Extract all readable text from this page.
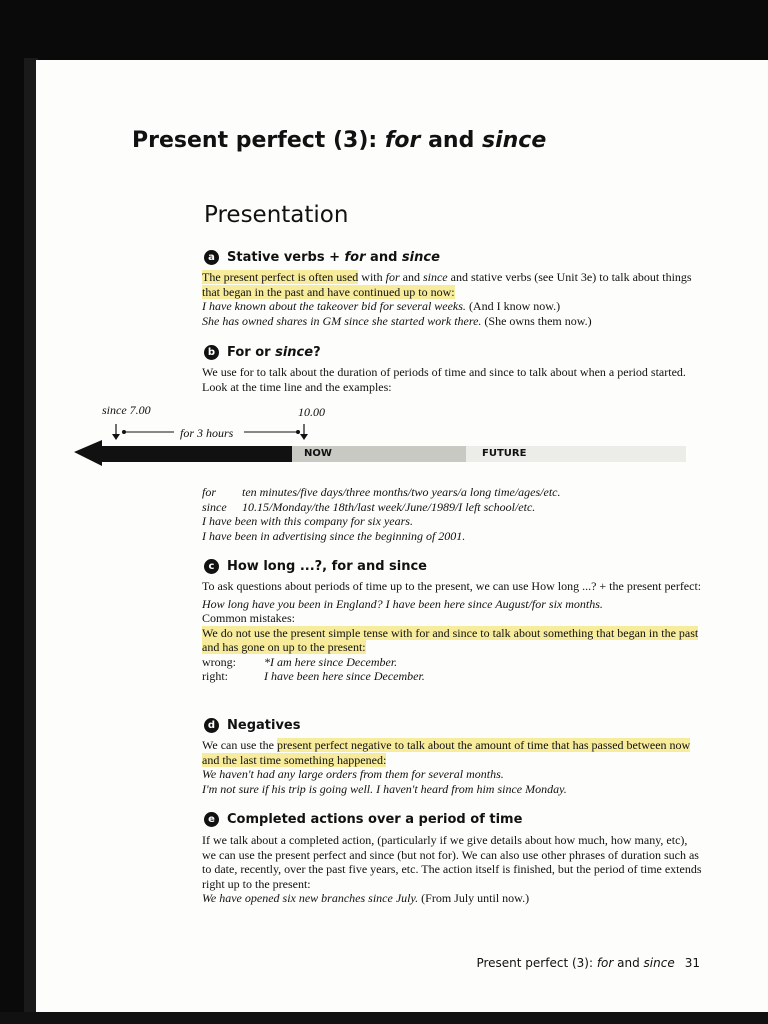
Present perfect (3): for and since
Presentation
a Stative verbs + for and since
The present perfect is often used with for and since and stative verbs (see Unit 3e) to talk about things that began in the past and have continued up to now:
I have known about the takeover bid for several weeks. (And I know now.)
She has owned shares in GM since she started work there. (She owns them now.)
b For or since?
We use for to talk about the duration of periods of time and since to talk about when a period started. Look at the time line and the examples:
since 7.00	10.00
for 3 hours
NOW	FUTURE
for	ten minutes/five days/three months/two years/a long time/ages/etc.
since	10.15/Monday/the 18th/last week/June/1989/I left school/etc.
I have been with this company for six years.
I have been in advertising since the beginning of 2001.
c How long ...?, for and since
To ask questions about periods of time up to the present, we can use How long ...? + the present perfect:
How long have you been in England? I have been here since August/for six months.
Common mistakes:
We do not use the present simple tense with for and since to talk about something that began in the past and has gone on up to the present:
wrong:	*I am here since December.
right:	I have been here since December.
d Negatives
We can use the present perfect negative to talk about the amount of time that has passed between now and the last time something happened:
We haven't had any large orders from them for several months.
I'm not sure if his trip is going well. I haven't heard from him since Monday.
e Completed actions over a period of time
If we talk about a completed action, (particularly if we give details about how much, how many, etc), we can use the present perfect and since (but not for). We can also use other phrases of duration such as to date, recently, over the past five years, etc. The action itself is finished, but the period of time extends right up to the present:
We have opened six new branches since July. (From July until now.)
Present perfect (3): for and since 31
